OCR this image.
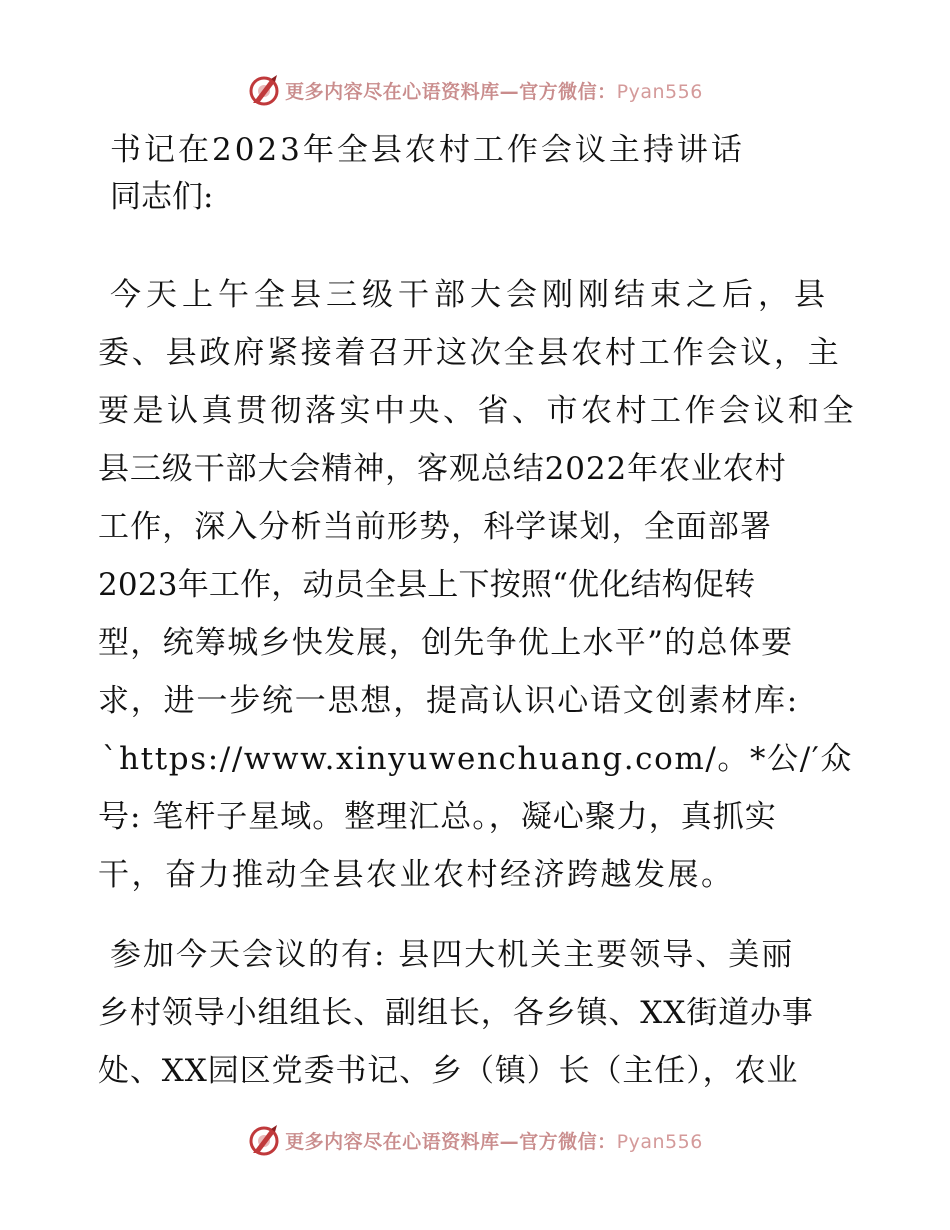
更多内容尽在心语资料库—官方微信：Pyan556
书记在2023年全县农村工作会议主持讲话
同志们:
今天上午全县三级干部大会刚刚结束之后，县
委、县政府紧接着召开这次全县农村工作会议，主
要是认真贯彻落实中央、省、市农村工作会议和全
县三级干部大会精神，客观总结2022年农业农村
工作，深入分析当前形势，科学谋划，全面部署
2023年工作，动员全县上下按照“优化结构促转
型，统筹城乡快发展，创先争优上水平”的总体要
求，进一步统一思想，提高认识心语文创素材库:
`https://www.xinyuwenchuang.com/。*公/′众
号: 笔杆子星域。整理汇总。，凝心聚力，真抓实
干，奋力推动全县农业农村经济跨越发展。
参加今天会议的有: 县四大机关主要领导、美丽
乡村领导小组组长、副组长，各乡镇、XX街道办事
处、XX园区党委书记、乡（镇）长（主任），农业
更多内容尽在心语资料库—官方微信：Pyan556
